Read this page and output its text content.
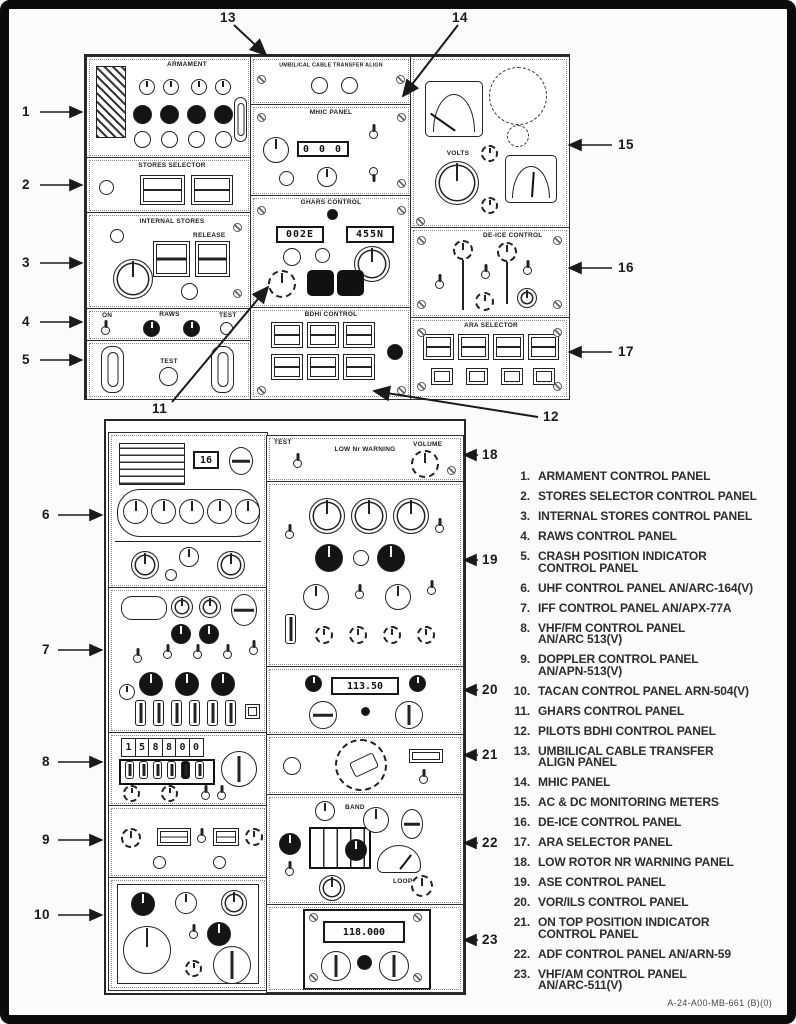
ARMAMENT
STORES SELECTOR
INTERNAL STORES
RELEASE
ON	RAWS	TEST
TEST
UMBILICAL CABLE TRANSFER ALIGN
MHIC PANEL
0 0 0
GHARS CONTROL
002E	455N
BDHI CONTROL
VOLTS
DE-ICE CONTROL
ARA SELECTOR
16
1 5 8 8 0 0
TEST
LOW Nr WARNING
VOLUME
113.50
BAND
LOOP
118.000
1
2
3
4
5
6
7
8
9
10
11
12
13	14
15
16
17
18
19
20
21
22
23
1. ARMAMENT CONTROL PANEL
2. STORES SELECTOR CONTROL PANEL
3. INTERNAL STORES CONTROL PANEL
4. RAWS CONTROL PANEL
5. CRASH POSITION INDICATOR
CONTROL PANEL
6. UHF CONTROL PANEL AN/ARC-164(V)
7. IFF CONTROL PANEL AN/APX-77A
8. VHF/FM CONTROL PANEL
AN/ARC 513(V)
9. DOPPLER CONTROL PANEL
AN/APN-513(V)
10. TACAN CONTROL PANEL ARN-504(V)
11. GHARS CONTROL PANEL
12. PILOTS BDHI CONTROL PANEL
13. UMBILICAL CABLE TRANSFER
ALIGN PANEL
14. MHIC PANEL
15. AC & DC MONITORING METERS
16. DE-ICE CONTROL PANEL
17. ARA SELECTOR PANEL
18. LOW ROTOR NR WARNING PANEL
19. ASE CONTROL PANEL
20. VOR/ILS CONTROL PANEL
21. ON TOP POSITION INDICATOR
CONTROL PANEL
22. ADF CONTROL PANEL AN/ARN-59
23. VHF/AM CONTROL PANEL
AN/ARC-511(V)
A-24-A00-MB-661 (B)(0)
